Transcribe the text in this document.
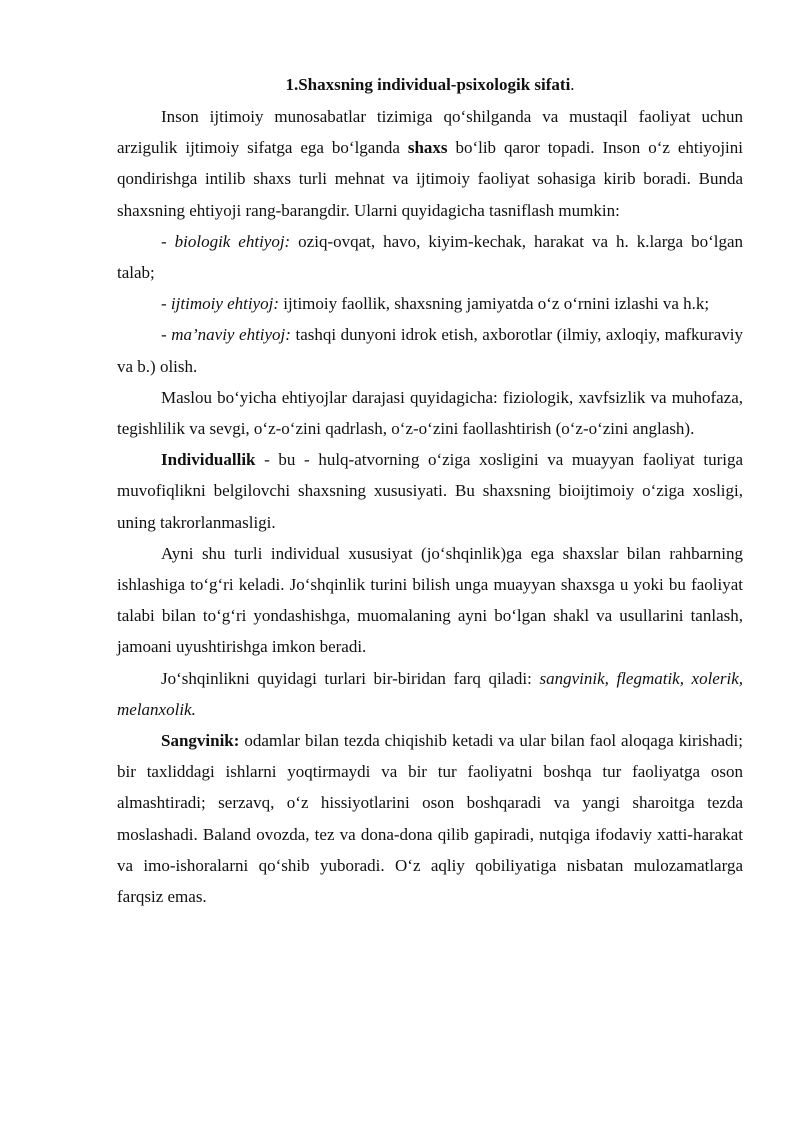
1.Shaxsning individual-psixologik sifati.

Inson ijtimoiy munosabatlar tizimiga qo‘shilganda va mustaqil faoliyat uchun arzigulik ijtimoiy sifatga ega bo‘lganda shaxs bo‘lib qaror topadi. Inson o‘z ehtiyojini qondirishga intilib shaxs turli mehnat va ijtimoiy faoliyat sohasiga kirib boradi. Bunda shaxsning ehtiyoji rang-barangdir. Ularni quyidagicha tasniflash mumkin:

- biologik ehtiyoj: oziq-ovqat, havo, kiyim-kechak, harakat va h. k.larga bo‘lgan talab;

- ijtimoiy ehtiyoj: ijtimoiy faollik, shaxsning jamiyatda o‘z o‘rnini izlashi va h.k;

- ma’naviy ehtiyoj: tashqi dunyoni idrok etish, axborotlar (ilmiy, axloqiy, mafkuraviy va b.) olish.

Maslou bo‘yicha ehtiyojlar darajasi quyidagicha: fiziologik, xavfsizlik va muhofaza, tegishlilik va sevgi, o‘z-o‘zini qadrlash, o‘z-o‘zini faollashtirish (o‘z-o‘zini anglash).

Individuallik - bu - hulq-atvorning o‘ziga xosligini va muayyan faoliyat turiga muvofiqlikni belgilovchi shaxsning xususiyati. Bu shaxsning bioijtimoiy o‘ziga xosligi, uning takrorlanmasligi.

Ayni shu turli individual xususiyat (jo‘shqinlik)ga ega shaxslar bilan rahbarning ishlashiga to‘g‘ri keladi. Jo‘shqinlik turini bilish unga muayyan shaxsga u yoki bu faoliyat talabi bilan to‘g‘ri yondashishga, muomalaning ayni bo‘lgan shakl va usullarini tanlash, jamoani uyushtirishga imkon beradi.

Jo‘shqinlikni quyidagi turlari bir-biridan farq qiladi: sangvinik, flegmatik, xolerik, melanxolik.

Sangvinik: odamlar bilan tezda chiqishib ketadi va ular bilan faol aloqaga kirishadi; bir taxliddagi ishlarni yoqtirmaydi va bir tur faoliyatni boshqa tur faoliyatga oson almashtiradi; serzavq, o‘z hissiyotlarini oson boshqaradi va yangi sharoitga tezda moslashadi. Baland ovozda, tez va dona-dona qilib gapiradi, nutqiga ifodaviy xatti-harakat va imo-ishoralarni qo‘shib yuboradi. O‘z aqliy qobiliyatiga nisbatan mulozamatlarga farqsiz emas.
